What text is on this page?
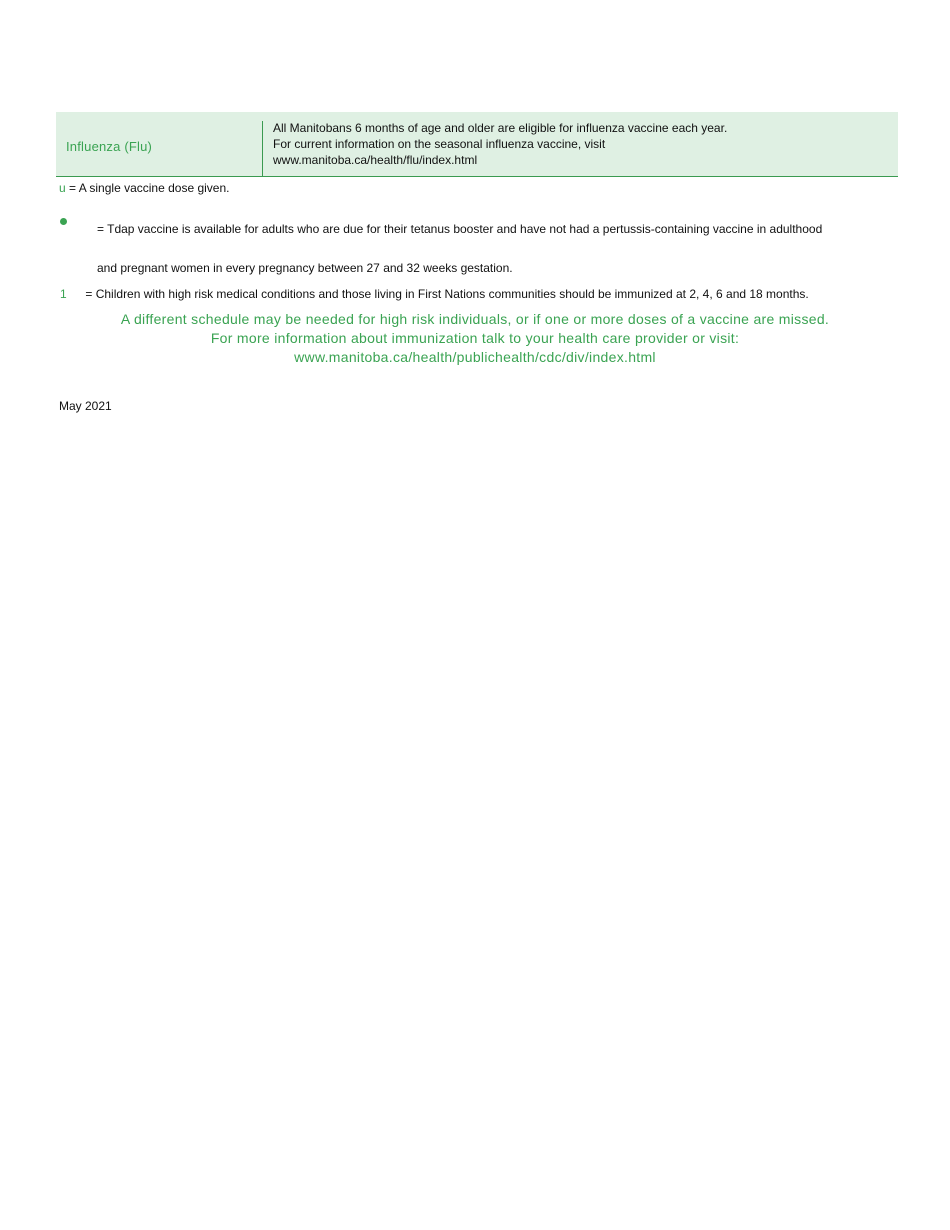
Influenza (Flu)
All Manitobans 6 months of age and older are eligible for influenza vaccine each year.
For current information on the seasonal influenza vaccine, visit
www.manitoba.ca/health/flu/index.html
u = A single vaccine dose given.
= Tdap vaccine is available for adults who are due for their tetanus booster and have not had a pertussis-containing vaccine in adulthood
and pregnant women in every pregnancy between 27 and 32 weeks gestation.
1 = Children with high risk medical conditions and those living in First Nations communities should be immunized at 2, 4, 6 and 18 months.
A different schedule may be needed for high risk individuals, or if one or more doses of a vaccine are missed.
For more information about immunization talk to your health care provider or visit:
www.manitoba.ca/health/publichealth/cdc/div/index.html
May 2021
